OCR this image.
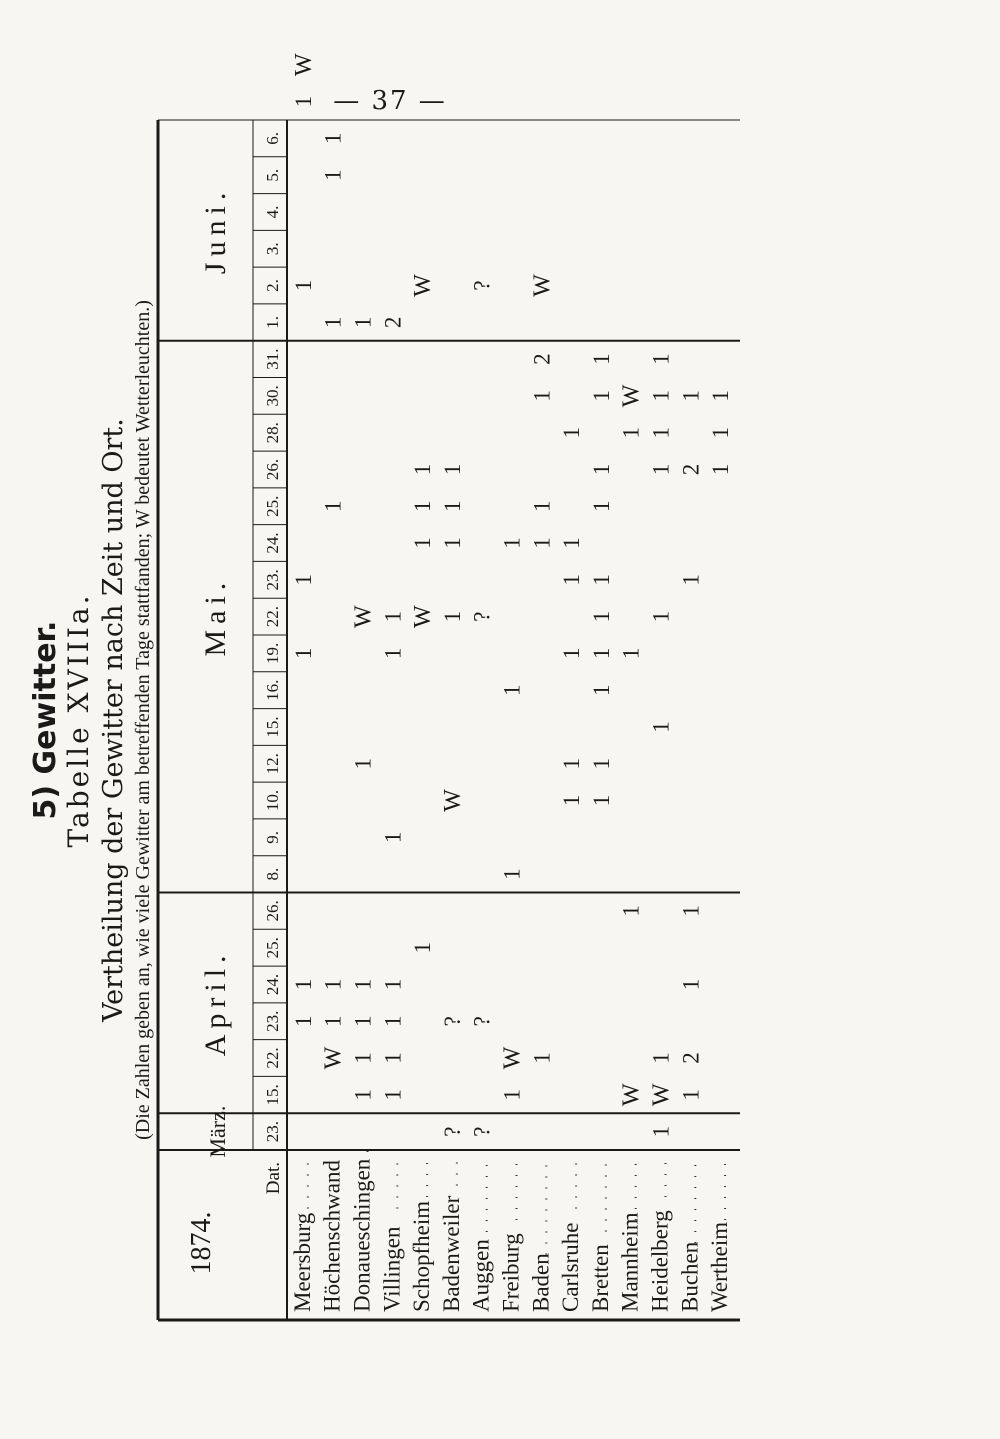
— 37 —
5) Gewitter. Tabelle XVIIIa. Vertheilung der Gewitter nach Zeit und Ort. (Die Zahlen geben an, wie viele Gewitter am betreffenden Tage stattfanden; W bedeutet Wetterleuchten.)
1874.
Dat.
März. 23.
April.
15.
22.
23.
24.
25.
26.
Mai.
8.
9.
10.
12.
15.
16.
19.
22.
23.
24.
25.
26.
28.
30.
31.
Juni.
1.
2.
3.
4.
5.
6.
Meersburg
1
1
1
1
1
1
W
Höchenschwand
W
1
1
1
1
1
1
Donaueschingen
1
1
1
1
1
W
1
Villingen
1
1
1
1
1
1
1
2
Schopfheim
1
W
1
1
1
W
Badenweiler
?
?
W
1
1
1
1
Auggen
?
?
?
?
Freiburg
1
W
1
1
1
Baden
1
1
1
1
2
W
Carlsruhe
1
1
1
1
1
1
Bretten
1
1
1
1
1
1
1
1
1
1
Mannheim
W
1
1
1
W
Heidelberg
1
W
1
1
1
1
1
1
1
Buchen
1
2
1
1
1
2
1
Wertheim
1
1
1
